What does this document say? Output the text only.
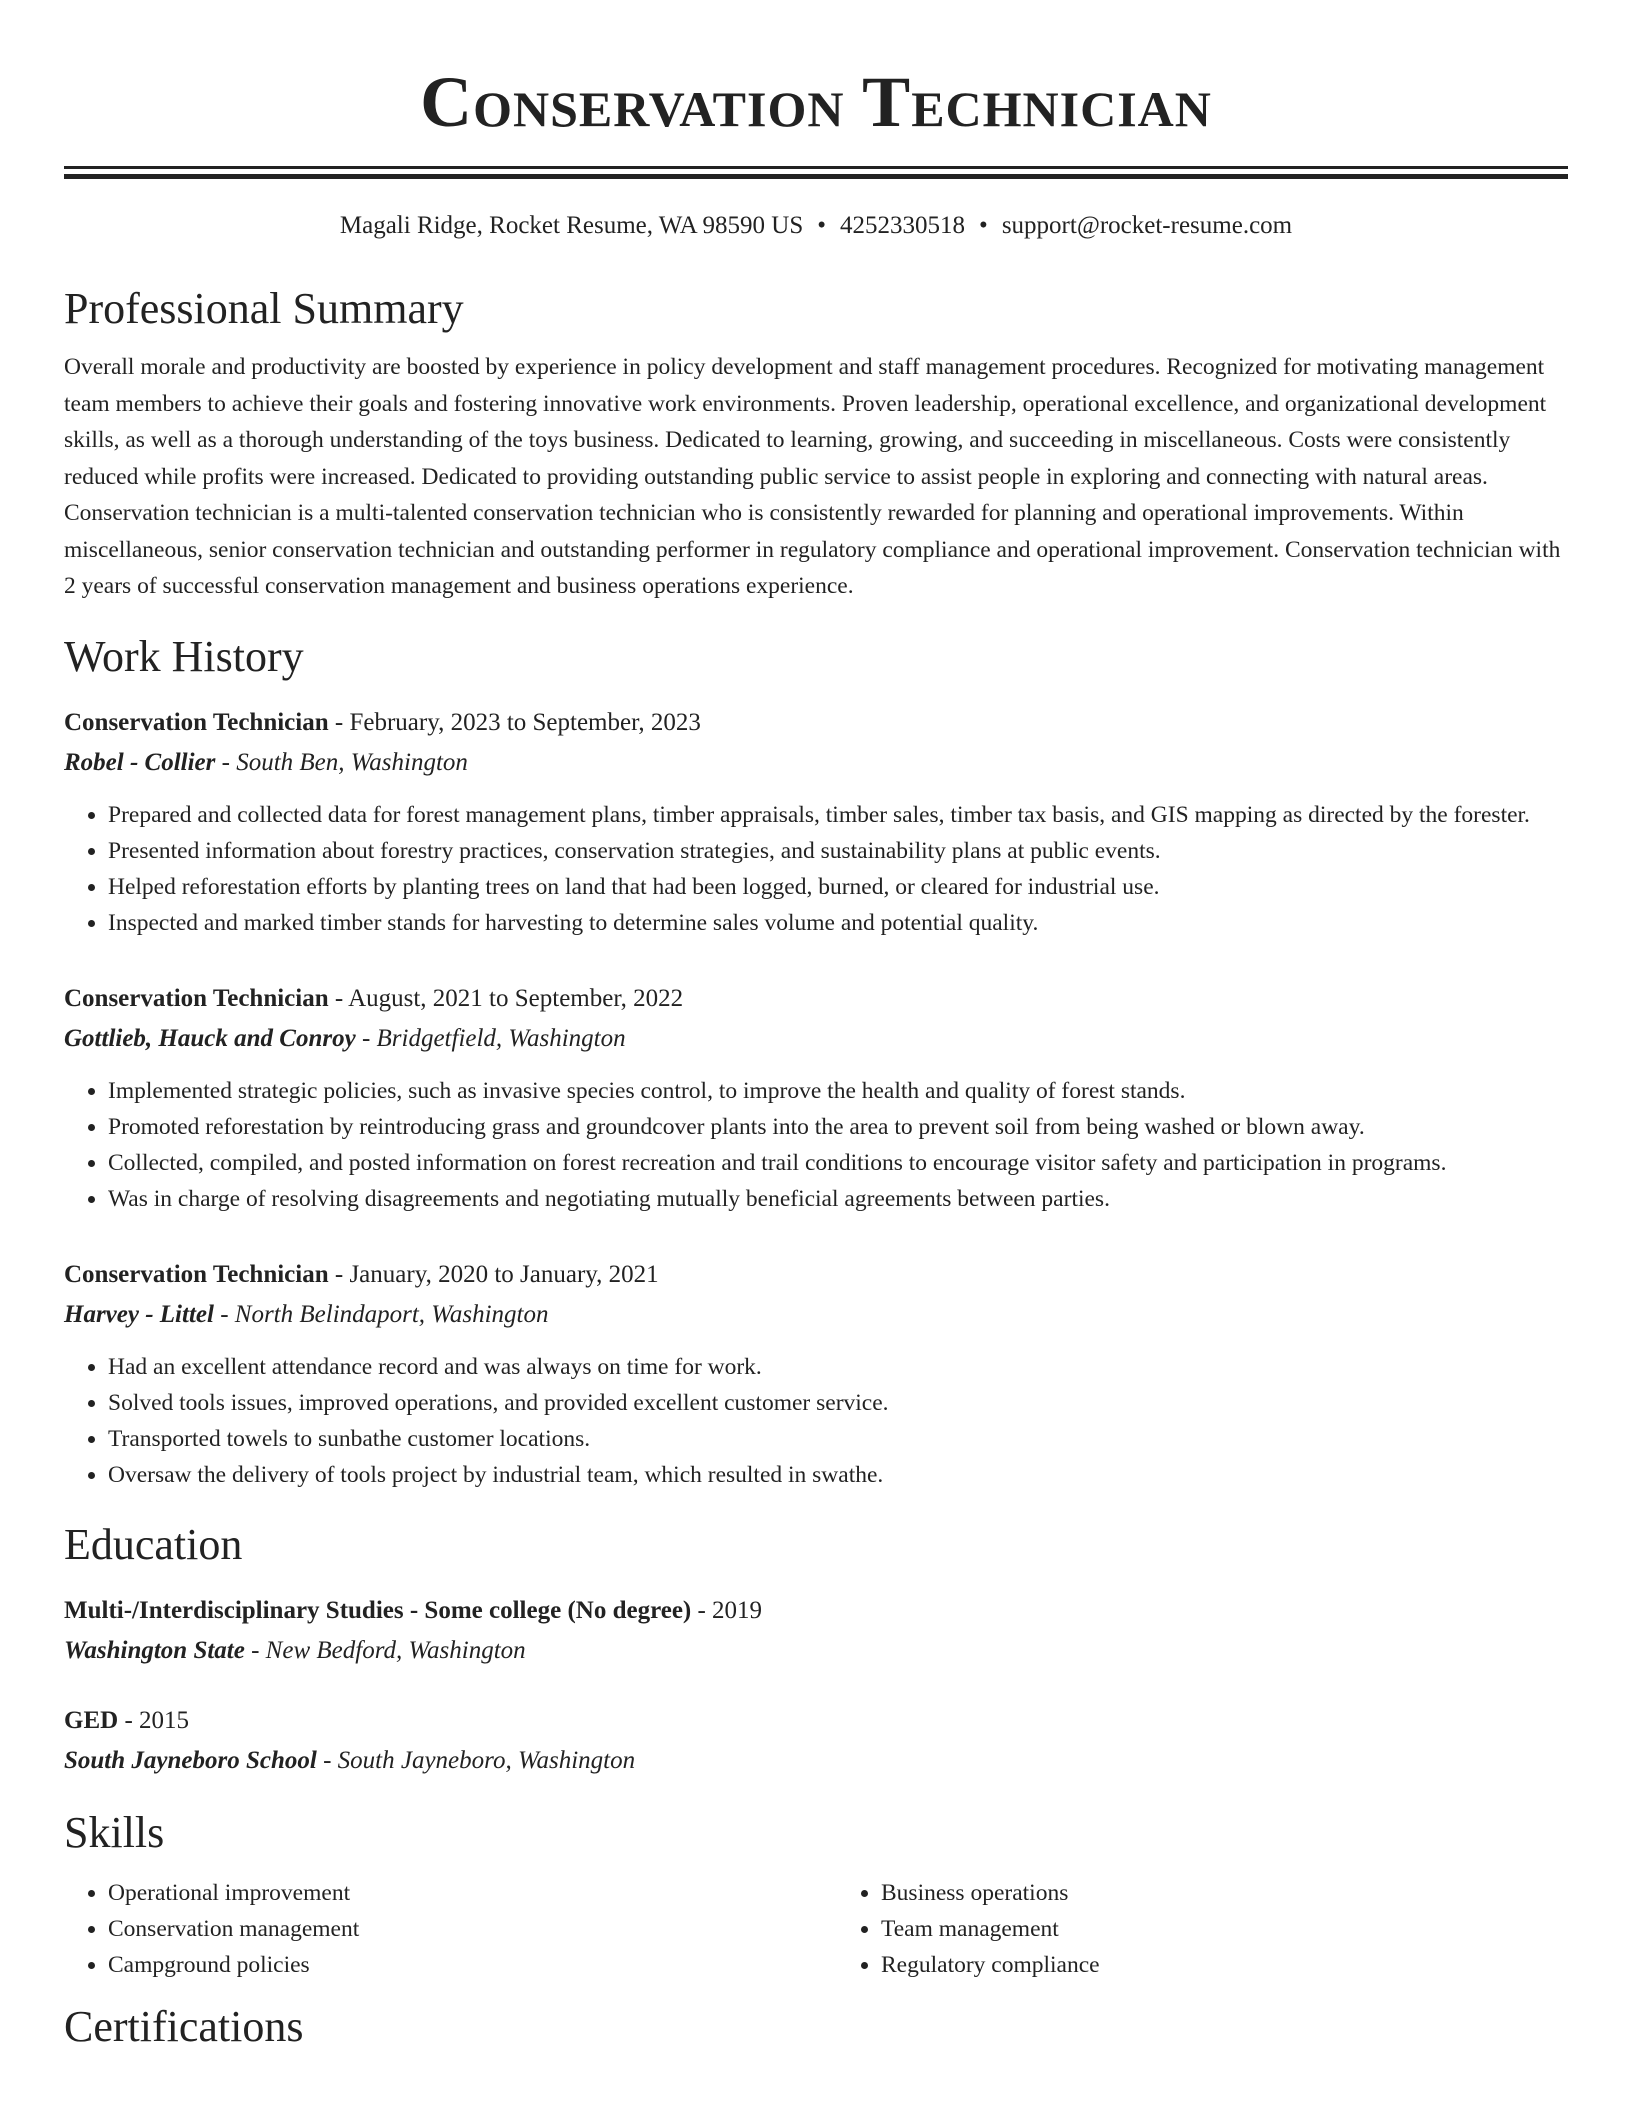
Conservation Technician
Magali Ridge, Rocket Resume, WA 98590 US • 4252330518 • support@rocket-resume.com
Professional Summary
Overall morale and productivity are boosted by experience in policy development and staff management procedures. Recognized for motivating management team members to achieve their goals and fostering innovative work environments. Proven leadership, operational excellence, and organizational development skills, as well as a thorough understanding of the toys business. Dedicated to learning, growing, and succeeding in miscellaneous. Costs were consistently reduced while profits were increased. Dedicated to providing outstanding public service to assist people in exploring and connecting with natural areas. Conservation technician is a multi-talented conservation technician who is consistently rewarded for planning and operational improvements. Within miscellaneous, senior conservation technician and outstanding performer in regulatory compliance and operational improvement. Conservation technician with 2 years of successful conservation management and business operations experience.
Work History
Conservation Technician - February, 2023 to September, 2023
Robel - Collier - South Ben, Washington
• Prepared and collected data for forest management plans, timber appraisals, timber sales, timber tax basis, and GIS mapping as directed by the forester.
• Presented information about forestry practices, conservation strategies, and sustainability plans at public events.
• Helped reforestation efforts by planting trees on land that had been logged, burned, or cleared for industrial use.
• Inspected and marked timber stands for harvesting to determine sales volume and potential quality.
Conservation Technician - August, 2021 to September, 2022
Gottlieb, Hauck and Conroy - Bridgetfield, Washington
• Implemented strategic policies, such as invasive species control, to improve the health and quality of forest stands.
• Promoted reforestation by reintroducing grass and groundcover plants into the area to prevent soil from being washed or blown away.
• Collected, compiled, and posted information on forest recreation and trail conditions to encourage visitor safety and participation in programs.
• Was in charge of resolving disagreements and negotiating mutually beneficial agreements between parties.
Conservation Technician - January, 2020 to January, 2021
Harvey - Littel - North Belindaport, Washington
• Had an excellent attendance record and was always on time for work.
• Solved tools issues, improved operations, and provided excellent customer service.
• Transported towels to sunbathe customer locations.
• Oversaw the delivery of tools project by industrial team, which resulted in swathe.
Education
Multi-/Interdisciplinary Studies - Some college (No degree) - 2019
Washington State - New Bedford, Washington
GED - 2015
South Jayneboro School - South Jayneboro, Washington
Skills
• Operational improvement
• Conservation management
• Campground policies
• Business operations
• Team management
• Regulatory compliance
Certifications
